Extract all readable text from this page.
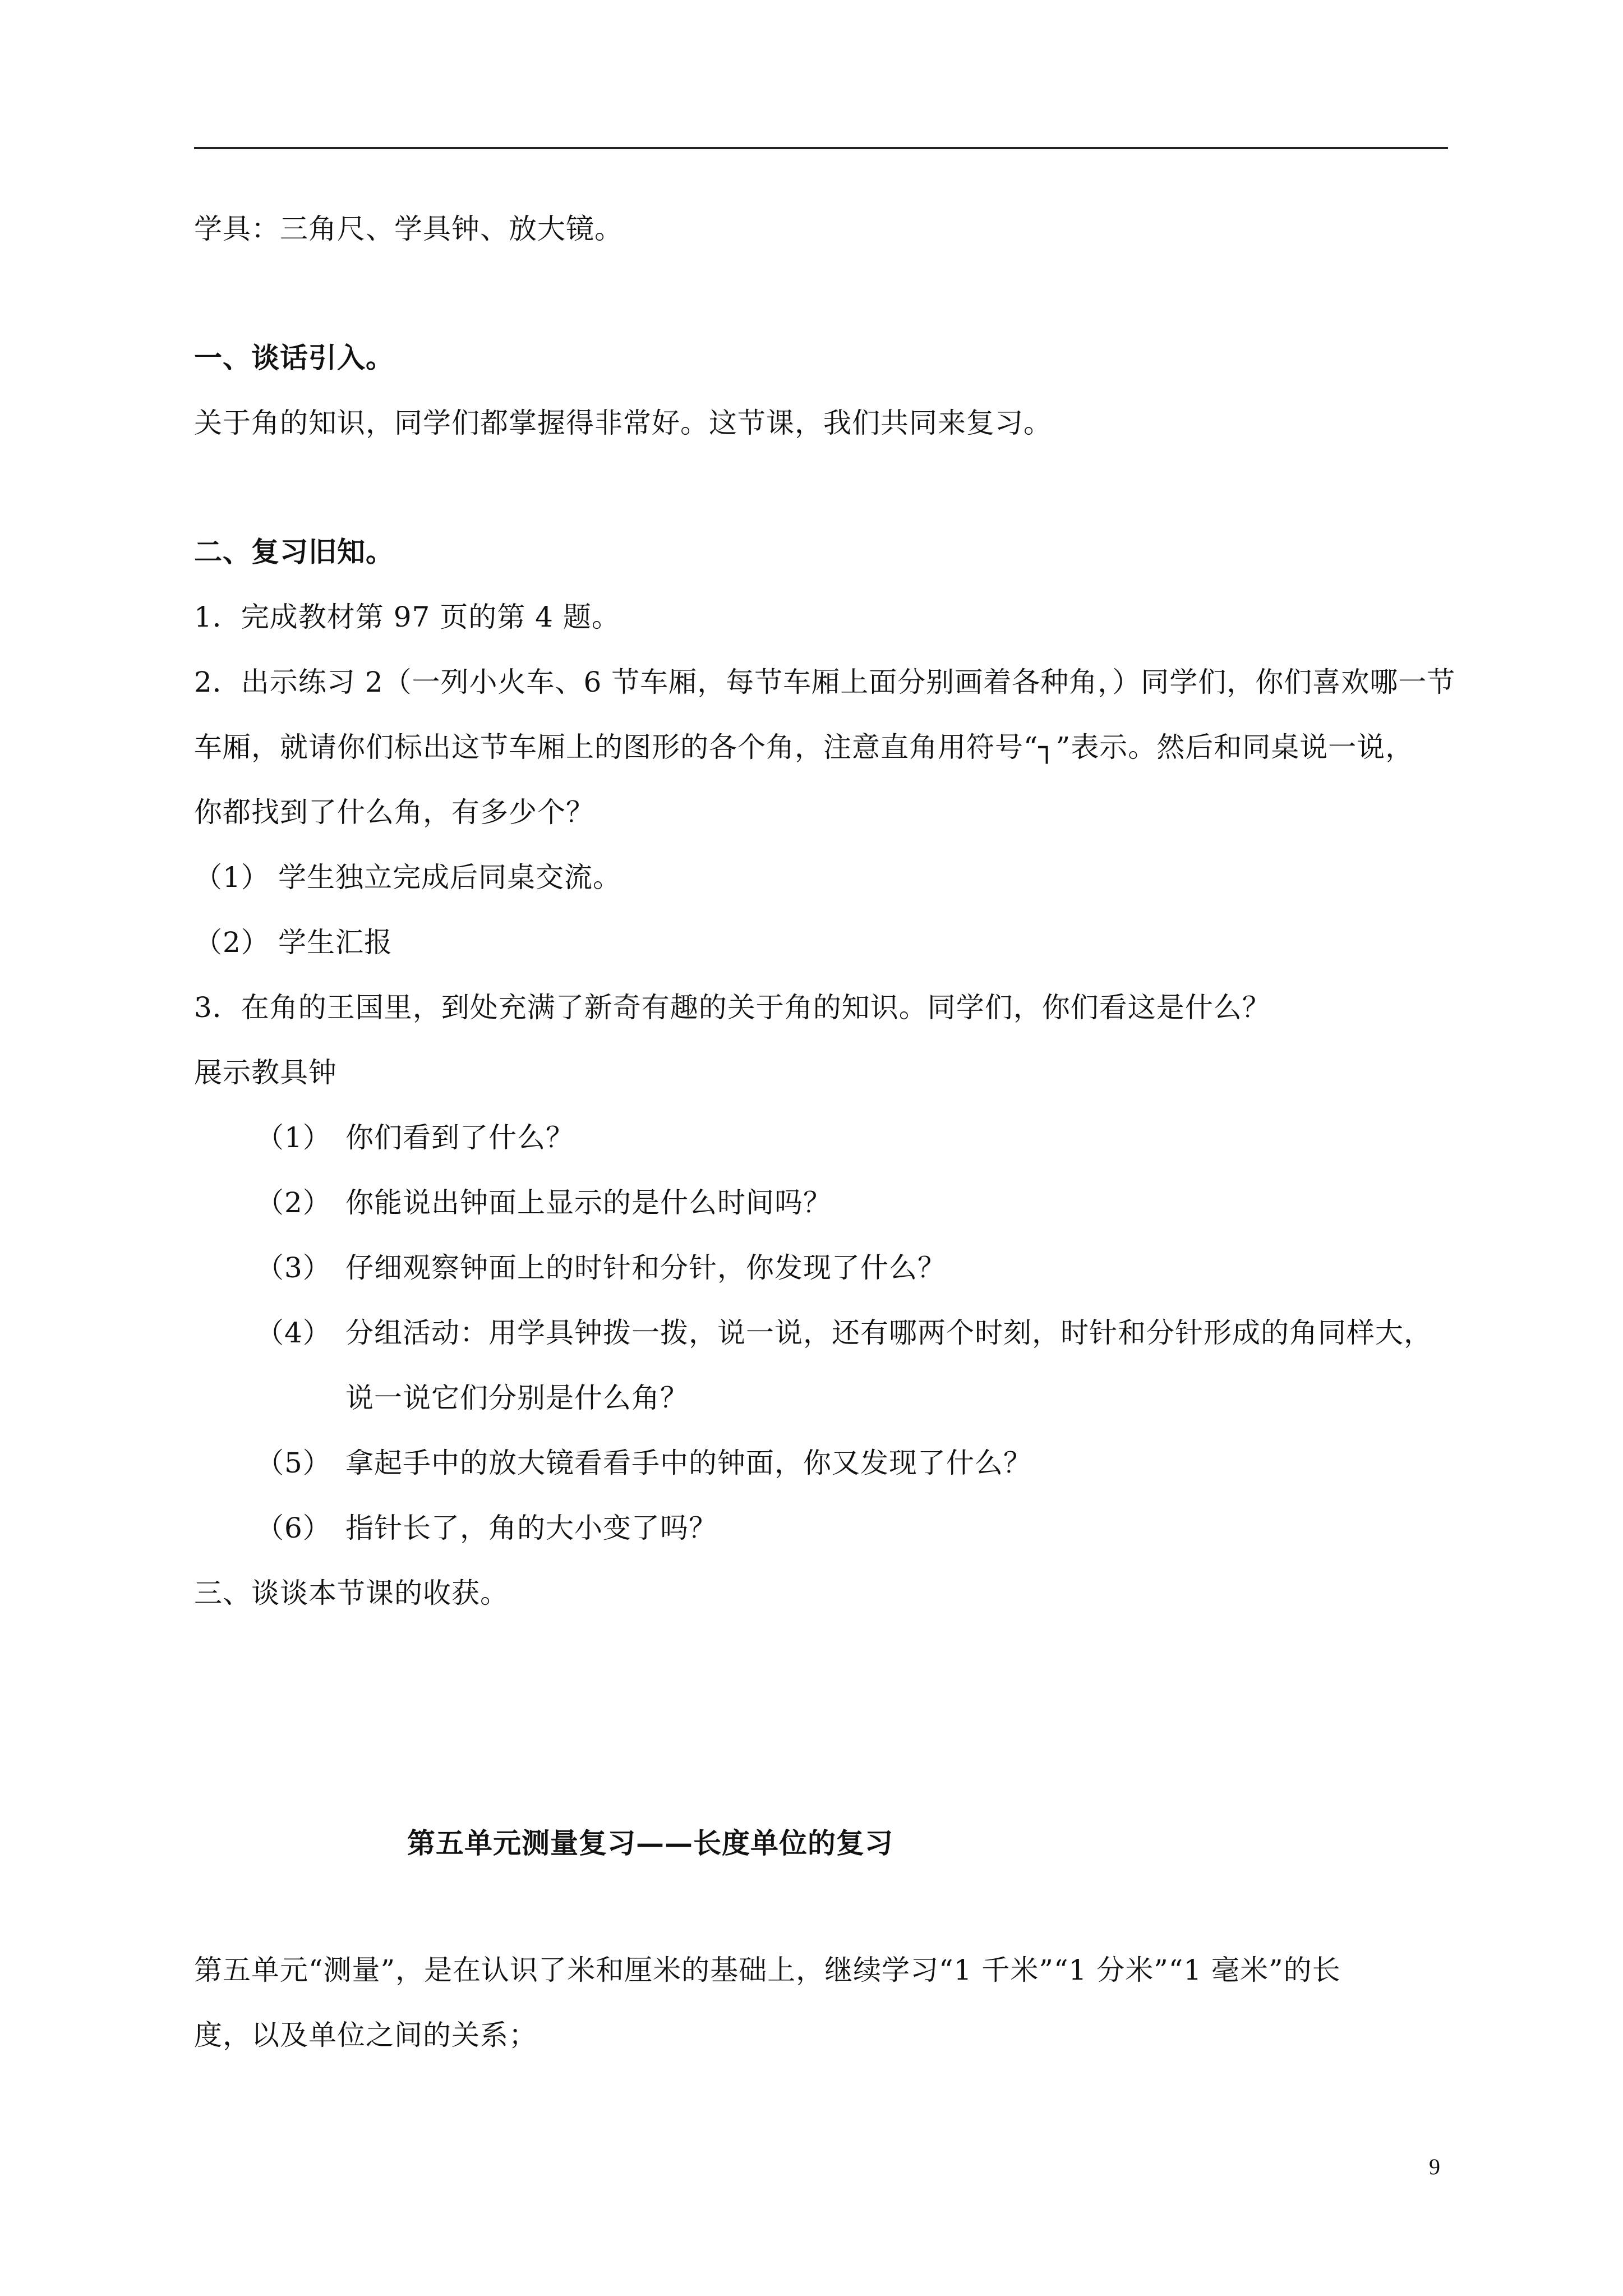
学具：三角尺、学具钟、放大镜。
一、谈话引入。
关于角的知识，同学们都掌握得非常好。这节课，我们共同来复习。
二、复习旧知。
1．完成教材第 97 页的第 4 题。
2．出示练习 2（一列小火车、6 节车厢，每节车厢上面分别画着各种角，）同学们，你们喜欢哪一节
车厢，就请你们标出这节车厢上的图形的各个角，注意直角用符号“┐”表示。然后和同桌说一说，
你都找到了什么角，有多少个？
（1） 学生独立完成后同桌交流。
（2） 学生汇报
3．在角的王国里，到处充满了新奇有趣的关于角的知识。同学们，你们看这是什么？
展示教具钟
（1） 你们看到了什么？
（2） 你能说出钟面上显示的是什么时间吗？
（3） 仔细观察钟面上的时针和分针，你发现了什么？
（4） 分组活动：用学具钟拨一拨，说一说，还有哪两个时刻，时针和分针形成的角同样大，
说一说它们分别是什么角？
（5） 拿起手中的放大镜看看手中的钟面，你又发现了什么？
（6） 指针长了，角的大小变了吗？
三、谈谈本节课的收获。
第五单元测量复习——长度单位的复习
第五单元“测量”，是在认识了米和厘米的基础上，继续学习“1 千米”“1 分米”“1 毫米”的长
度，以及单位之间的关系；
9
